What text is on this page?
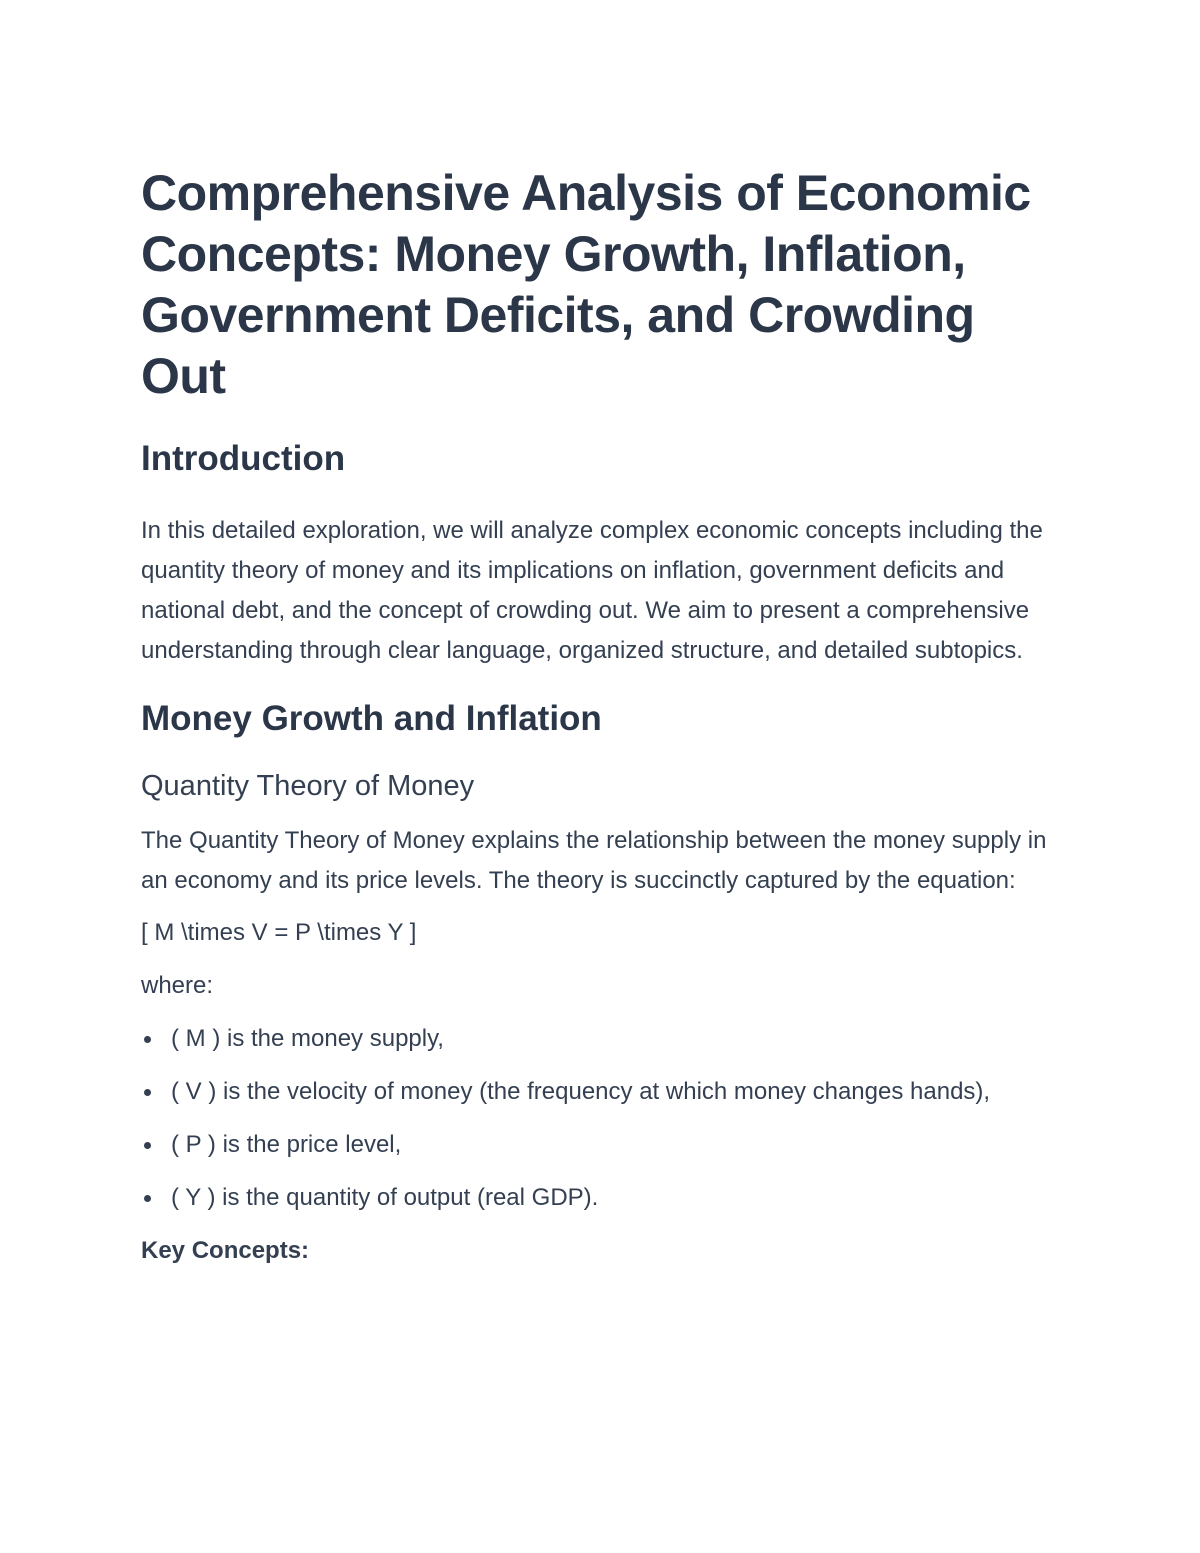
Comprehensive Analysis of Economic Concepts: Money Growth, Inflation, Government Deficits, and Crowding Out
Introduction

In this detailed exploration, we will analyze complex economic concepts including the quantity theory of money and its implications on inflation, government deficits and national debt, and the concept of crowding out. We aim to present a comprehensive understanding through clear language, organized structure, and detailed subtopics.

Money Growth and Inflation
Quantity Theory of Money

The Quantity Theory of Money explains the relationship between the money supply in an economy and its price levels. The theory is succinctly captured by the equation:

[ M \times V = P \times Y ]

where:

( M ) is the money supply,
( V ) is the velocity of money (the frequency at which money changes hands),
( P ) is the price level,
( Y ) is the quantity of output (real GDP).
Key Concepts:
